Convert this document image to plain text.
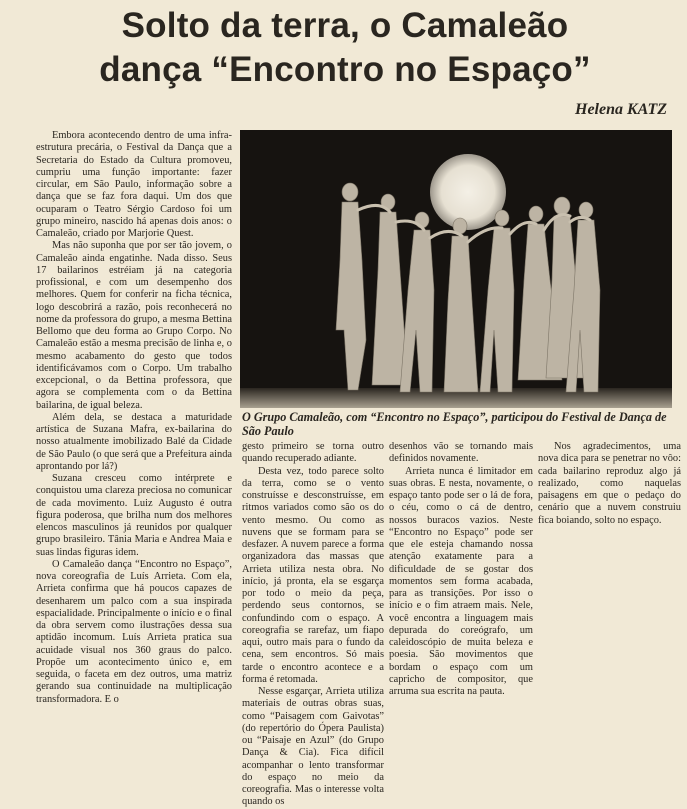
Solto da terra, o Camaleão
dança “Encontro no Espaço”
Helena KATZ

Embora acontecendo dentro de uma infra-estrutura precária, o Festival da Dança que a Secretaria do Estado da Cultura promoveu, cumpriu uma função importante: fazer circular, em São Paulo, informação sobre a dança que se faz fora daqui. Um dos que ocuparam o Teatro Sérgio Cardoso foi um grupo mineiro, nascido há apenas dois anos: o Camaleão, criado por Marjorie Quest.

Mas não suponha que por ser tão jovem, o Camaleão ainda engatinhe. Nada disso. Seus 17 bailarinos estréiam já na categoria profissional, e com um desempenho dos melhores. Quem for conferir na ficha técnica, logo descobrirá a razão, pois reconhecerá no nome da professora do grupo, a mesma Bettina Bellomo que deu forma ao Grupo Corpo. No Camaleão estão a mesma precisão de linha e, o mesmo acabamento do gesto que todos identificávamos com o Corpo. Um trabalho excepcional, o da Bettina professora, que agora se complementa com o da Bettina bailarina, de igual beleza.

Além dela, se destaca a maturidade artística de Suzana Mafra, ex-bailarina do nosso atualmente imobilizado Balé da Cidade de São Paulo (o que será que a Prefeitura ainda aprontando por lá?)

Suzana cresceu como intérprete e conquistou uma clareza preciosa no comunicar de cada movimento. Luiz Augusto é outra figura poderosa, que brilha num dos melhores elencos masculinos já reunidos por qualquer grupo brasileiro. Tânia Maria e Andrea Maia e suas lindas figuras idem.

O Camaleão dança “Encontro no Espaço”, nova coreografia de Luís Arrieta. Com ela, Arrieta confirma que há poucos capazes de desenharem um palco com a sua inspirada espacialidade. Principalmente o início e o final da obra servem como ilustrações dessa sua aptidão incomum. Luís Arrieta pratica sua acuidade visual nos 360 graus do palco. Propõe um acontecimento único e, em seguida, o faceta em dez outros, uma matriz gerando sua continuidade na multiplicação transformadora. E o

O Grupo Camaleão, com “Encontro no Espaço”, participou do Festival de Dança de São Paulo

gesto primeiro se torna outro quando recuperado adiante.

Desta vez, todo parece solto da terra, como se o vento construísse e desconstruísse, em ritmos variados como são os do vento mesmo. Ou como as nuvens que se formam para se desfazer. A nuvem parece a forma organizadora das massas que Arrieta utiliza nesta obra. No início, já pronta, ela se esgarça por todo o meio da peça, perdendo seus contornos, se confundindo com o espaço. A coreografia se rarefaz, um fiapo aqui, outro mais para o fundo da cena, sem encontros. Só mais tarde o encontro acontece e a forma é retomada.

Nesse esgarçar, Arrieta utiliza materiais de outras obras suas, como “Paisagem com Gaivotas” (do repertório do Ópera Paulista) ou “Paisaje en Azul” (do Grupo Dança & Cia). Fica difícil acompanhar o lento transformar do espaço no meio da coreografia. Mas o interesse volta quando os

desenhos vão se tornando mais definidos novamente.

Arrieta nunca é limitador em suas obras. E nesta, novamente, o espaço tanto pode ser o lá de fora, o céu, como o cá de dentro, nossos buracos vazios. Neste “Encontro no Espaço” pode ser que ele esteja chamando nossa atenção exatamente para a dificuldade de se gostar dos momentos sem forma acabada, para as transições. Por isso o início e o fim atraem mais. Nele, você encontra a linguagem mais depurada do coreógrafo, um caleidoscópio de muita beleza e poesia. São movimentos que bordam o espaço com um capricho de compositor, que arruma sua escrita na pauta.

Nos agradecimentos, uma nova dica para se penetrar no vôo: cada bailarino reproduz algo já realizado, como naquelas paisagens em que o pedaço do cenário que a nuvem construiu fica boiando, solto no espaço.
